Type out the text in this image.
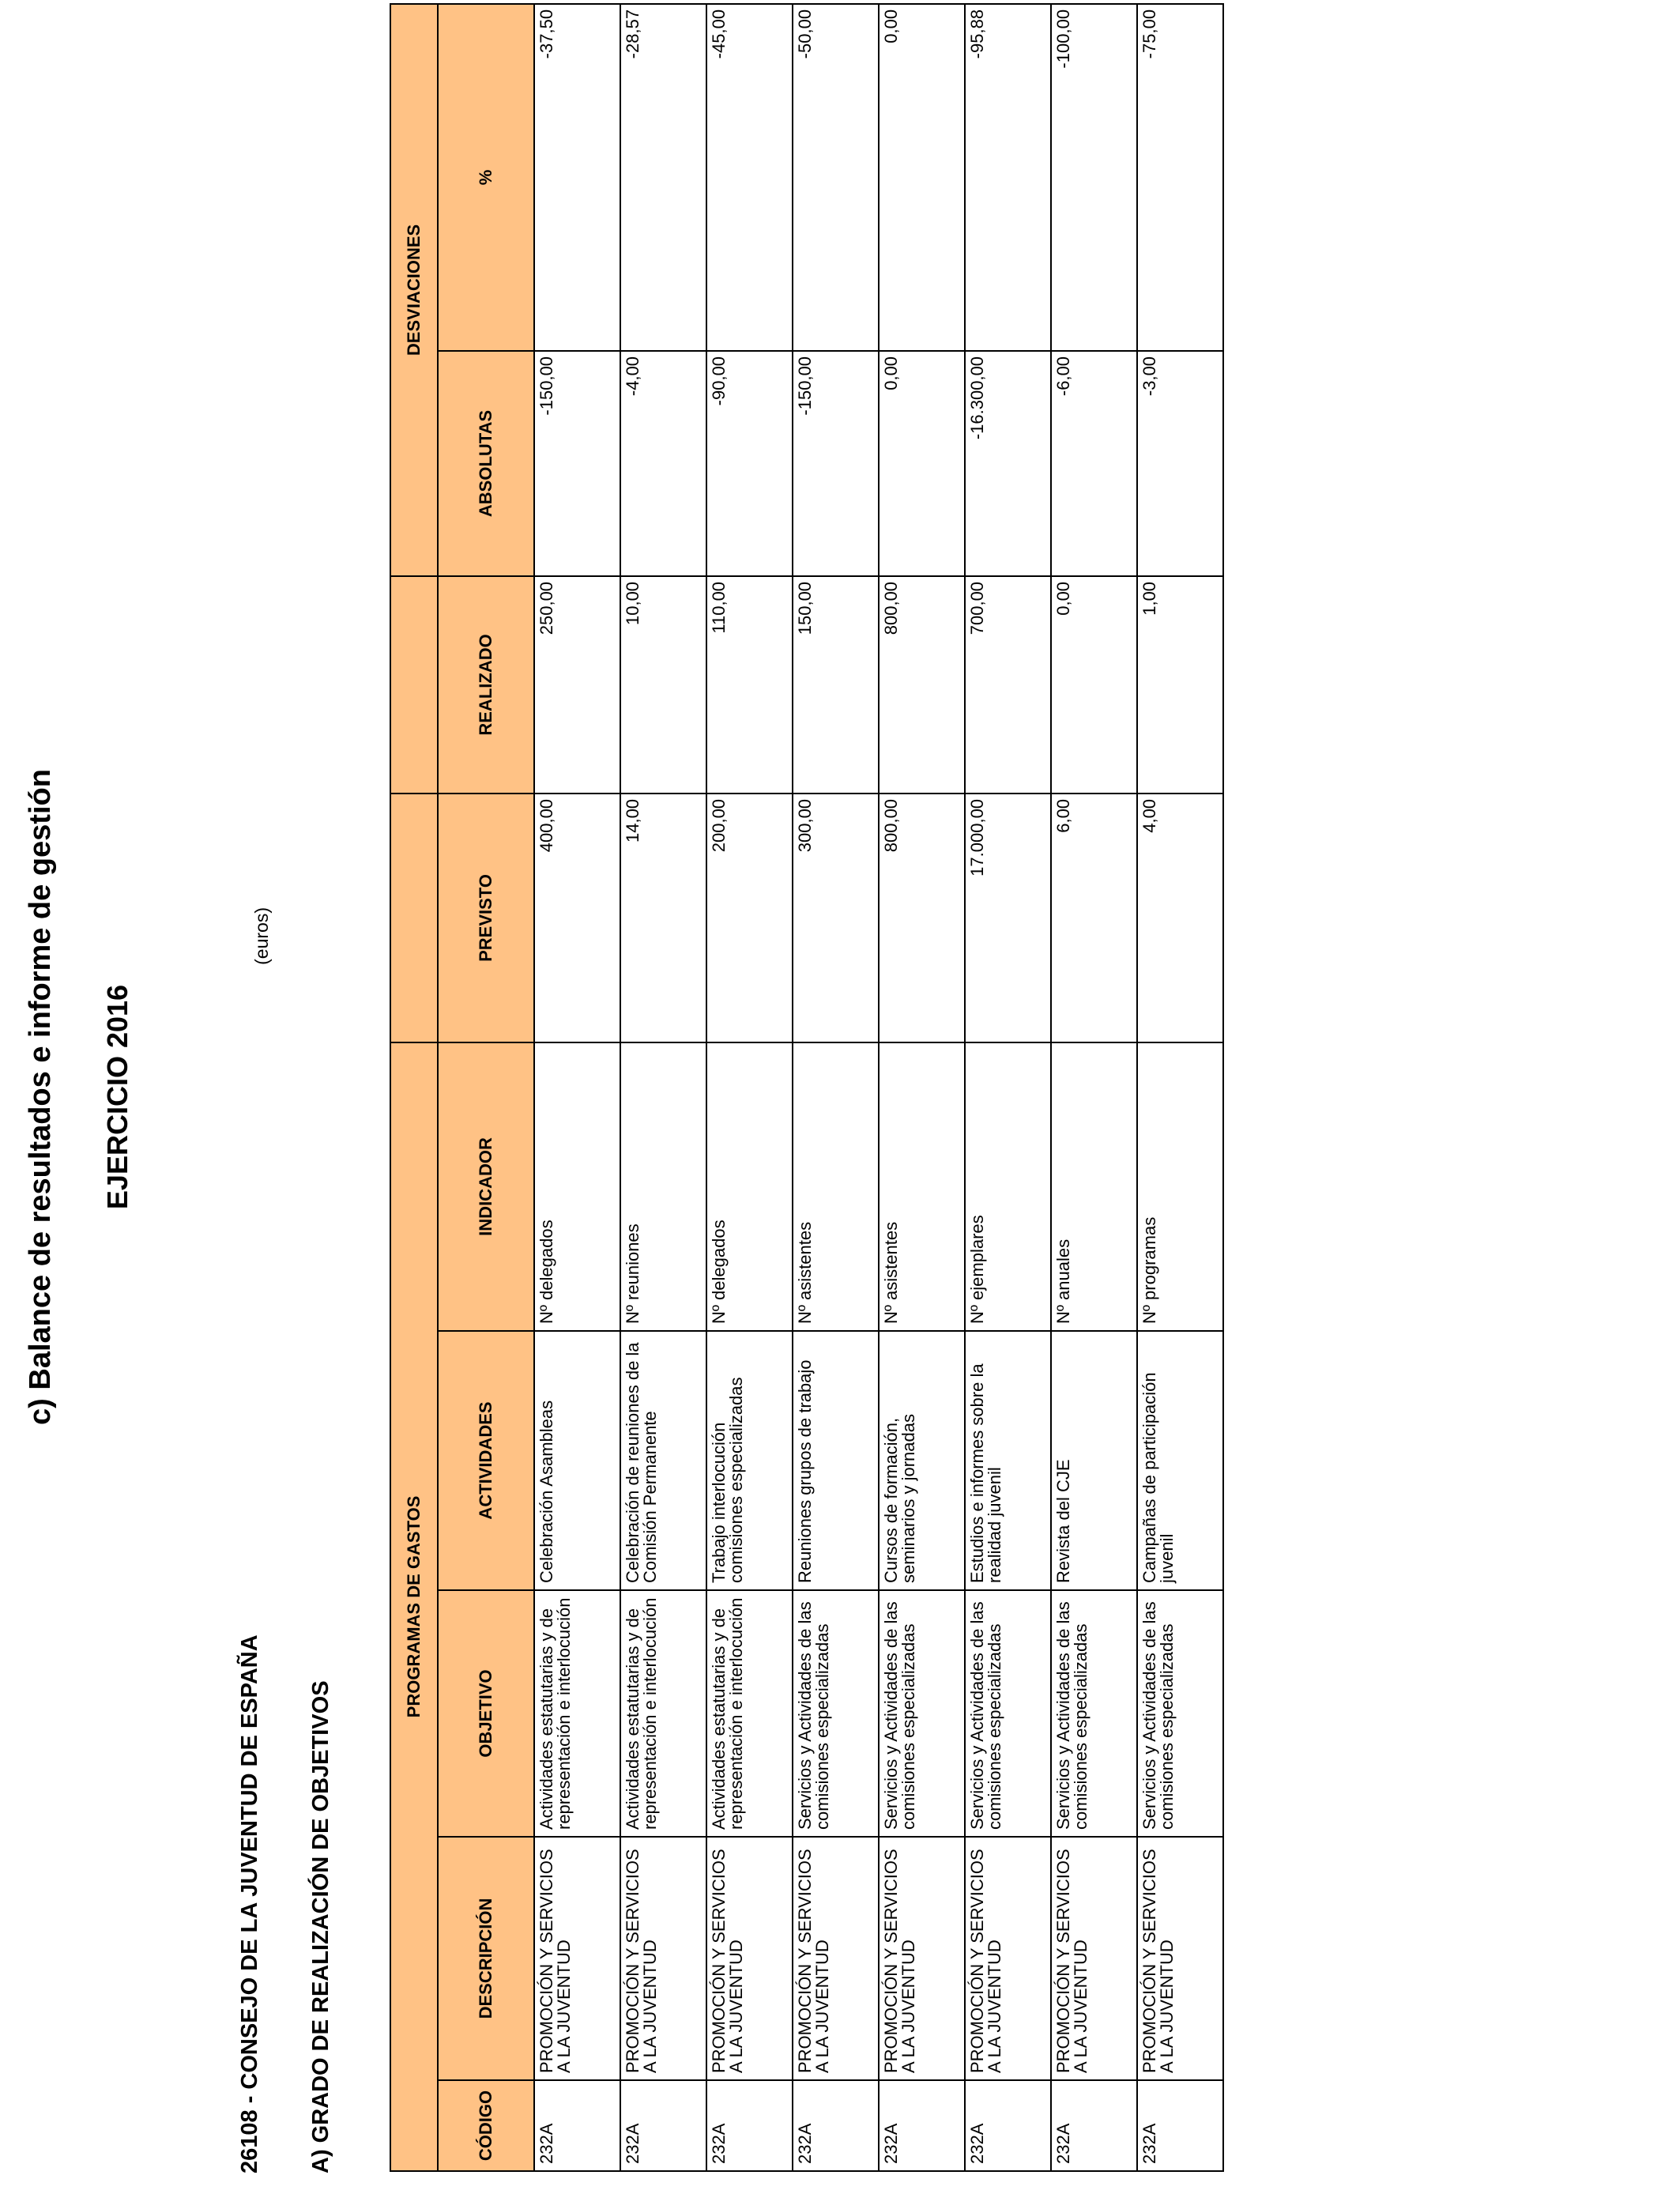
c) Balance de resultados e informe de gestión EJERCICIO 2016
26108 - CONSEJO DE LA JUVENTUD DE ESPAÑA A) GRADO DE REALIZACIÓN DE OBJETIVOS
(euros)
PROGRAMAS DE GASTOS							DESVIACIONES	
CÓDIGO	DESCRIPCIÓN	OBJETIVO	ACTIVIDADES	INDICADOR	PREVISTO	REALIZADO	ABSOLUTAS	%
232A	PROMOCIÓN Y SERVICIOS A LA JUVENTUD	Actividades estatutarias y de representación e interlocución	Celebración Asambleas	Nº delegados	400,00	250,00	-150,00	-37,50
232A	PROMOCIÓN Y SERVICIOS A LA JUVENTUD	Actividades estatutarias y de representación e interlocución	Celebración de reuniones de la Comisión Permanente	Nº reuniones	14,00	10,00	-4,00	-28,57
232A	PROMOCIÓN Y SERVICIOS A LA JUVENTUD	Actividades estatutarias y de representación e interlocución	Trabajo interlocución comisiones especializadas	Nº delegados	200,00	110,00	-90,00	-45,00
232A	PROMOCIÓN Y SERVICIOS A LA JUVENTUD	Servicios y Actividades de las comisiones especializadas	Reuniones grupos de trabajo	Nº asistentes	300,00	150,00	-150,00	-50,00
232A	PROMOCIÓN Y SERVICIOS A LA JUVENTUD	Servicios y Actividades de las comisiones especializadas	Cursos de formación, seminarios y jornadas	Nº asistentes	800,00	800,00	0,00	0,00
232A	PROMOCIÓN Y SERVICIOS A LA JUVENTUD	Servicios y Actividades de las comisiones especializadas	Estudios e informes sobre la realidad juvenil	Nº ejemplares	17.000,00	700,00	-16.300,00	-95,88
232A	PROMOCIÓN Y SERVICIOS A LA JUVENTUD	Servicios y Actividades de las comisiones especializadas	Revista del CJE	Nº anuales	6,00	0,00	-6,00	-100,00
232A	PROMOCIÓN Y SERVICIOS A LA JUVENTUD	Servicios y Actividades de las comisiones especializadas	Campañas de participación juvenil	Nº programas	4,00	1,00	-3,00	-75,00
